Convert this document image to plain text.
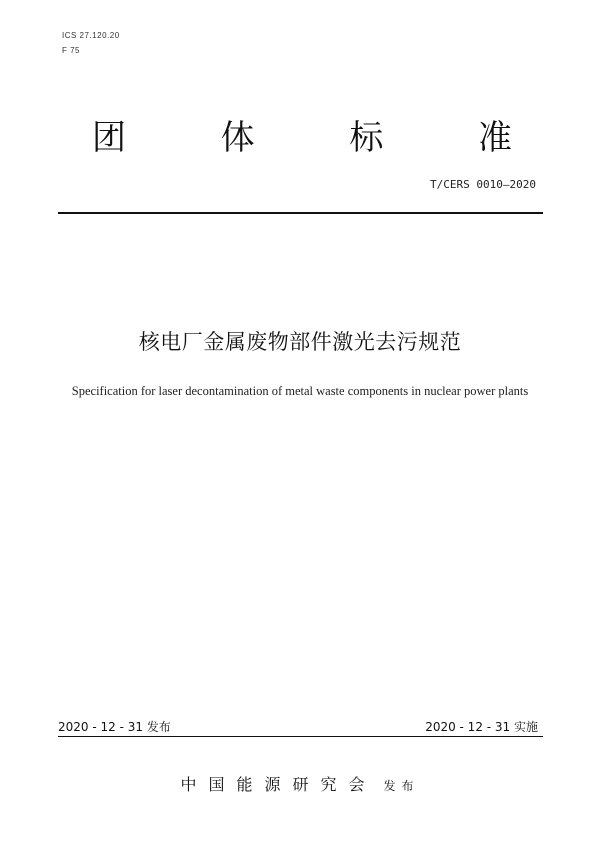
ICS 27.120.20
F 75
团	体	标	准
T/CERS 0010—2020
核电厂金属废物部件激光去污规范
Specification for laser decontamination of metal waste components in nuclear power plants
2020 - 12 - 31 发布	2020 - 12 - 31 实施
中国能源研究会 发布
